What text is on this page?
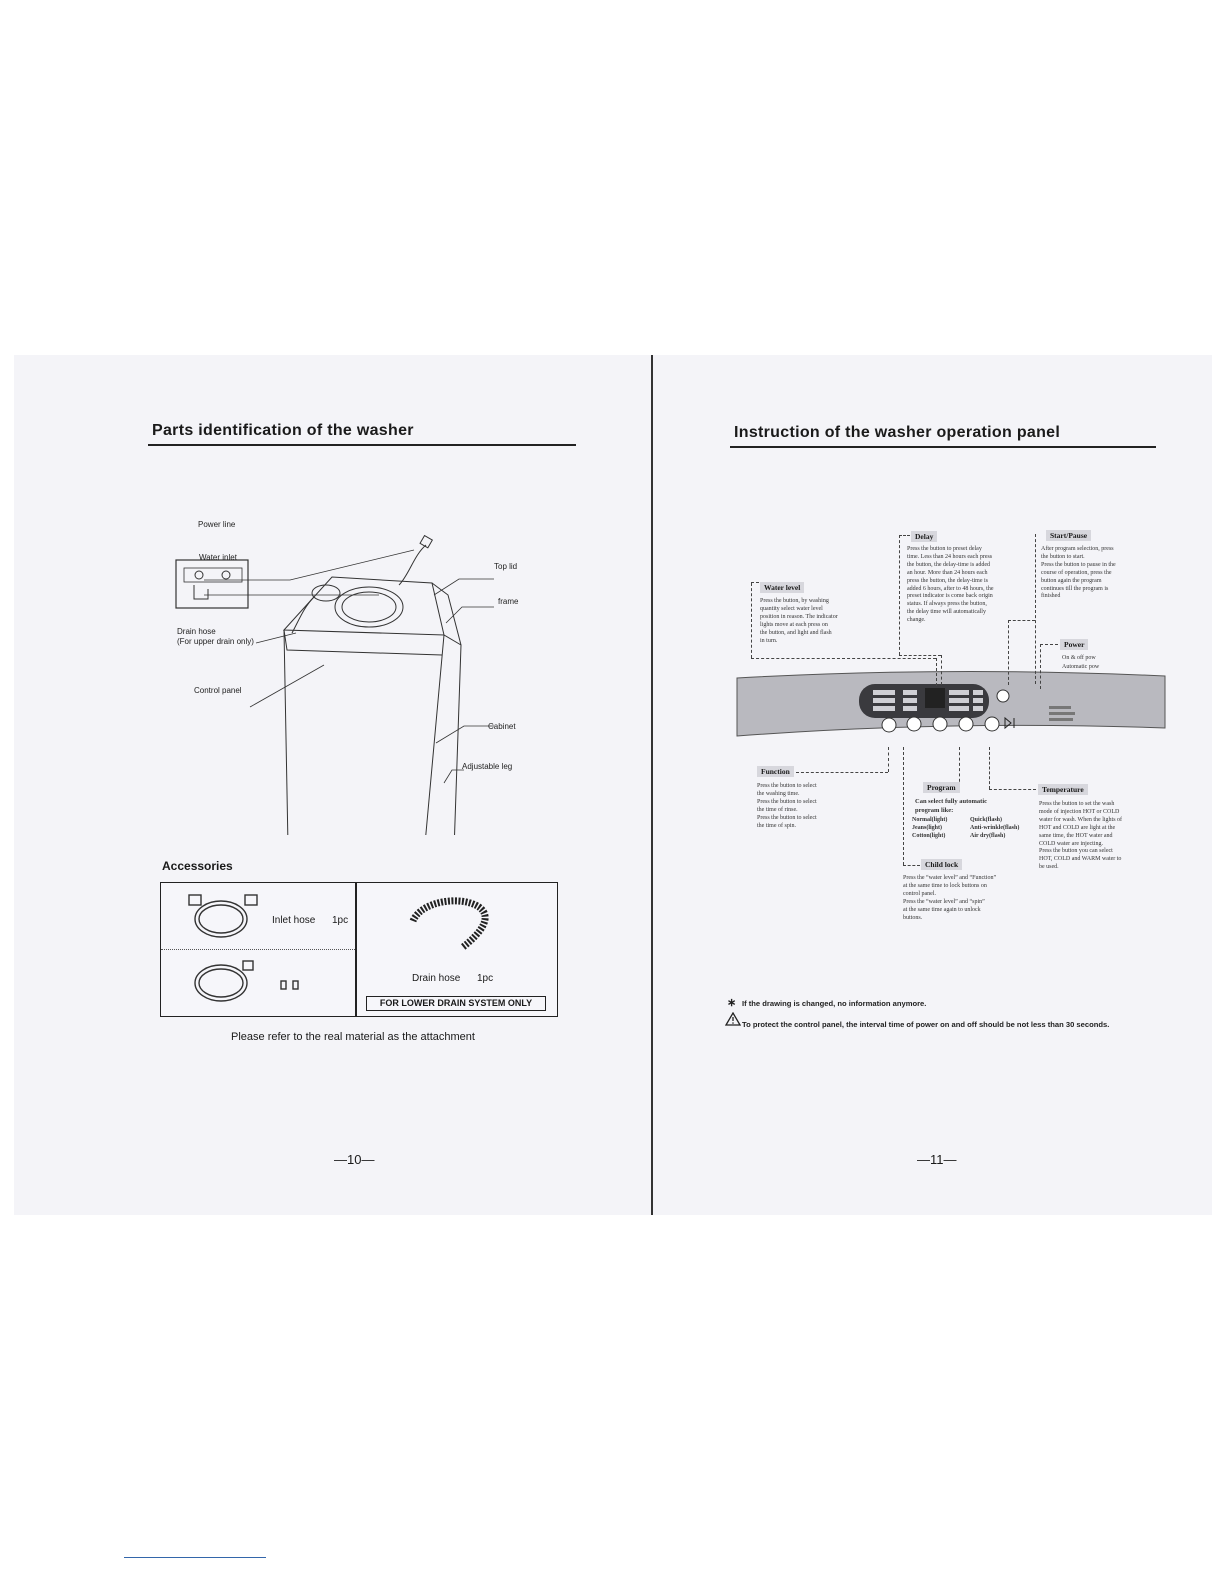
Parts identification of the washer
Power line
Water inlet
Top lid
frame
Drain hose
(For upper drain only)
Control panel
Cabinet
Adjustable leg
Accessories
Inlet hose 1pc
Drain hose 1pc
FOR LOWER DRAIN SYSTEM ONLY
Please refer to the real material as the attachment
—10—
Instruction of the washer operation panel
Water level
Press the button, by washing
quantity select water level
position in reason. The indicator
lights move at each press on
the button, and light and flash
in turn.
Delay
Press the button to preset delay
time. Less than 24 hours each press
the button, the delay-time is added
an hour. More than 24 hours each
press the button, the delay-time is
added 6 hours, after to 48 hours, the
preset indicator is come back origin
status. If always press the button,
the delay time will automatically
change.
Start/Pause
After program selection, press
the button to start.
Press the button to pause in the
course of operation, press the
button again the program
continues till the program is
finished
Power
On & off pow
Automatic pow
Function
Press the button to select
the washing time.
Press the button to select
the time of rinse.
Press the button to select
the time of spin.
Program
Can select fully automatic
program like:
Normal(light)	Quick(flash)
Jeans(light)	Anti-wrinkle(flash)
Cotton(light)	Air dry(flash)
Temperature
Press the button to set the wash
mode of injection HOT or COLD
water for wash. When the lights of
HOT and COLD are light at the
same time, the HOT water and
COLD water are injecting.
Press the button you can select
HOT, COLD and WARM water to
be used.
Child lock
Press the “water level” and “Function”
at the same time to lock buttons on
control panel.
Press the “water level” and “spin”
at the same time again to unlock
buttons.
∗ If the drawing is changed, no information anymore.
To protect the control panel, the interval time of power on and off should be not less than 30 seconds.
—11—
